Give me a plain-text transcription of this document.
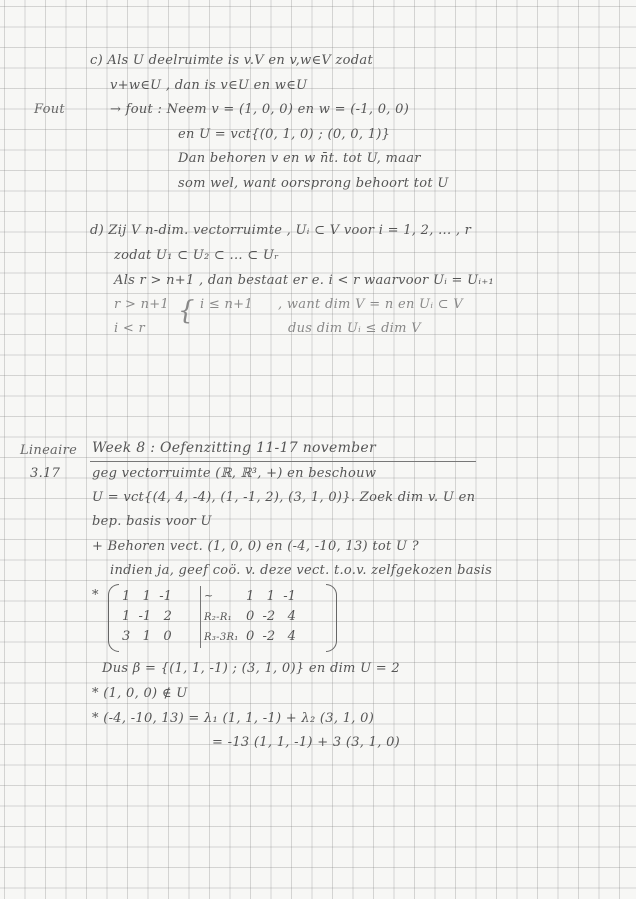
c) Als U deelruimte is v.V en v,w∈V zodat
v+w∈U , dan is v∈U en w∈U
Fout	→ fout : Neem v = (1, 0, 0) en w = (-1, 0, 0)
en U = vct{(0, 1, 0) ; (0, 0, 1)}
Dan behoren v en w n̄t. tot U, maar
som wel, want oorsprong behoort tot U
d) Zij V n-dim. vectorruimte , Uᵢ ⊂ V voor i = 1, 2, ... , r
zodat U₁ ⊂ U₂ ⊂ ... ⊂ Uᵣ
Als r > n+1 , dan bestaat er e. i < r waarvoor Uᵢ = Uᵢ₊₁
r > n+1 { i ≤ n+1 , want dim V = n en Uᵢ ⊂ V
i < r	dus dim Uᵢ ≤ dim V
Lineaire Week 8 : Oefenzitting 11-17 november
3.17 geg vectorruimte (ℝ, ℝ³, +) en beschouw
U = vct{(4, 4, -4), (1, -1, 2), (3, 1, 0)}. Zoek dim v. U en
bep. basis voor U
+ Behoren vect. (1, 0, 0) en (-4, -10, 13) tot U ?
indien ja, geef coö. v. deze vect. t.o.v. zelfgekozen basis
* 1   1  -1
1  -1   2
3   1   0
~
R₂-R₁
R₃-3R₁
1   1  -1
0  -2   4
0  -2   4
Dus β = {(1, 1, -1) ; (3, 1, 0)} en dim U = 2
* (1, 0, 0) ∉ U
* (-4, -10, 13) = λ₁ (1, 1, -1) + λ₂ (3, 1, 0)
= -13 (1, 1, -1) + 3 (3, 1, 0)
